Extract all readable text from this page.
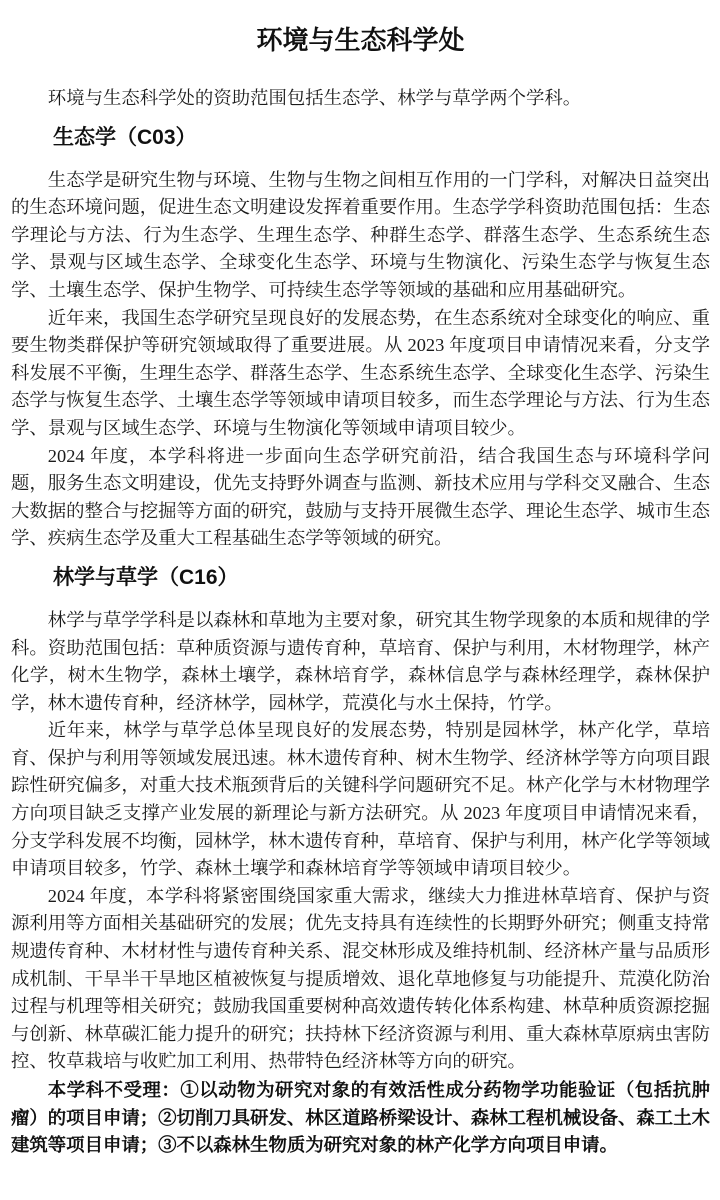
环境与生态科学处

环境与生态科学处的资助范围包括生态学、林学与草学两个学科。

生态学（C03）

生态学是研究生物与环境、生物与生物之间相互作用的一门学科，对解决日益突出的生态环境问题，促进生态文明建设发挥着重要作用。生态学学科资助范围包括：生态学理论与方法、行为生态学、生理生态学、种群生态学、群落生态学、生态系统生态学、景观与区域生态学、全球变化生态学、环境与生物演化、污染生态学与恢复生态学、土壤生态学、保护生物学、可持续生态学等领域的基础和应用基础研究。

近年来，我国生态学研究呈现良好的发展态势，在生态系统对全球变化的响应、重要生物类群保护等研究领域取得了重要进展。从 2023 年度项目申请情况来看，分支学科发展不平衡，生理生态学、群落生态学、生态系统生态学、全球变化生态学、污染生态学与恢复生态学、土壤生态学等领域申请项目较多，而生态学理论与方法、行为生态学、景观与区域生态学、环境与生物演化等领域申请项目较少。

2024 年度，本学科将进一步面向生态学研究前沿，结合我国生态与环境科学问题，服务生态文明建设，优先支持野外调查与监测、新技术应用与学科交叉融合、生态大数据的整合与挖掘等方面的研究，鼓励与支持开展微生态学、理论生态学、城市生态学、疾病生态学及重大工程基础生态学等领域的研究。

林学与草学（C16）

林学与草学学科是以森林和草地为主要对象，研究其生物学现象的本质和规律的学科。资助范围包括：草种质资源与遗传育种，草培育、保护与利用，木材物理学，林产化学，树木生物学，森林土壤学，森林培育学，森林信息学与森林经理学，森林保护学，林木遗传育种，经济林学，园林学，荒漠化与水土保持，竹学。

近年来，林学与草学总体呈现良好的发展态势，特别是园林学，林产化学，草培育、保护与利用等领域发展迅速。林木遗传育种、树木生物学、经济林学等方向项目跟踪性研究偏多，对重大技术瓶颈背后的关键科学问题研究不足。林产化学与木材物理学方向项目缺乏支撑产业发展的新理论与新方法研究。从 2023 年度项目申请情况来看，分支学科发展不均衡，园林学，林木遗传育种，草培育、保护与利用，林产化学等领域申请项目较多，竹学、森林土壤学和森林培育学等领域申请项目较少。

2024 年度，本学科将紧密围绕国家重大需求，继续大力推进林草培育、保护与资源利用等方面相关基础研究的发展；优先支持具有连续性的长期野外研究；侧重支持常规遗传育种、木材材性与遗传育种关系、混交林形成及维持机制、经济林产量与品质形成机制、干旱半干旱地区植被恢复与提质增效、退化草地修复与功能提升、荒漠化防治过程与机理等相关研究；鼓励我国重要树种高效遗传转化体系构建、林草种质资源挖掘与创新、林草碳汇能力提升的研究；扶持林下经济资源与利用、重大森林草原病虫害防控、牧草栽培与收贮加工利用、热带特色经济林等方向的研究。

本学科不受理：①以动物为研究对象的有效活性成分药物学功能验证（包括抗肿瘤）的项目申请；②切削刀具研发、林区道路桥梁设计、森林工程机械设备、森工土木建筑等项目申请；③不以森林生物质为研究对象的林产化学方向项目申请。
